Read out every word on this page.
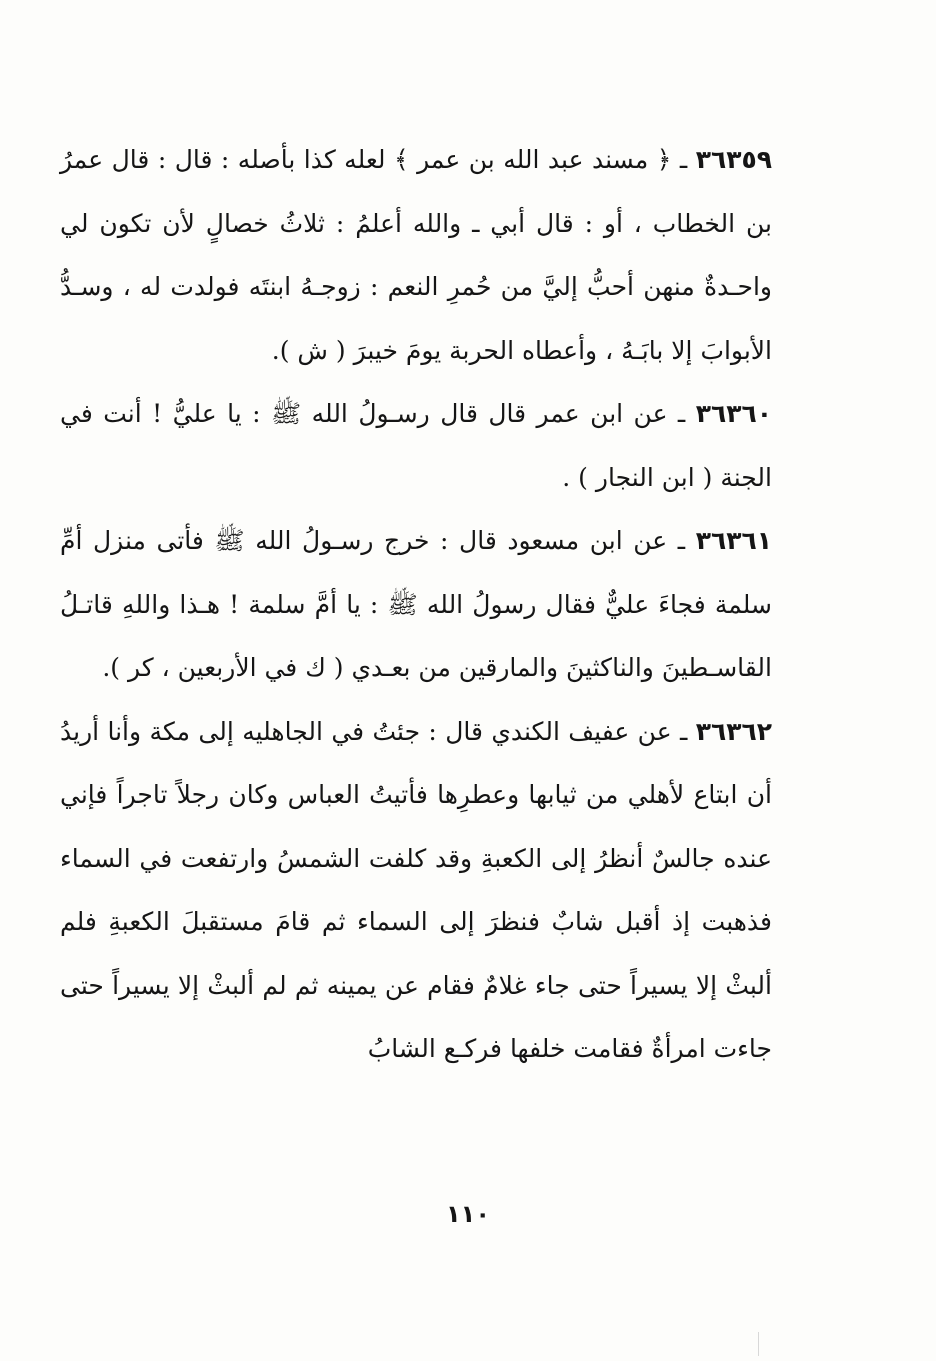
٣٦٣٥٩ ـ ﴿ مسند عبد الله بن عمر ﴾ لعله كذا بأصله : قال : قال عمرُ بن الخطاب ، أو : قال أبي ـ والله أعلمُ : ثلاثُ خصالٍ لأن تكون لي واحـدةٌ منهن أحبُّ إليَّ من حُمرِ النعم : زوجـهُ ابنتَه فولدت له ، وسـدُّ الأبوابَ إلا بابَـهُ ، وأعطاه الحربة يومَ خيبرَ ( ش ).

٣٦٣٦٠ ـ عن ابن عمر قال قال رسـولُ الله ﷺ : يا عليُّ ! أنت في الجنة ( ابن النجار ) .

٣٦٣٦١ ـ عن ابن مسعود قال : خرج رسـولُ الله ﷺ فأتى منزل أمِّ سلمة فجاءَ عليٌّ فقال رسولُ الله ﷺ : يا أمَّ سلمة ! هـذا واللهِ قاتـلُ القاسـطينَ والناكثينَ والمارقين من بعـدي ( ك في الأربعين ، كر ).

٣٦٣٦٢ ـ عن عفيف الكندي قال : جئتُ في الجاهليه إلى مكة وأنا أريدُ أن ابتاع لأهلي من ثيابها وعطرِها فأتيتُ العباس وكان رجلاً تاجراً فإني عنده جالسٌ أنظرُ إلى الكعبةِ وقد كلفت الشمسُ وارتفعت في السماء فذهبت إذ أقبل شابٌ فنظرَ إلى السماء ثم قامَ مستقبلَ الكعبةِ فلم ألبثْ إلا يسيراً حتى جاء غلامٌ فقام عن يمينه ثم لم ألبثْ إلا يسيراً حتى جاءت امرأةٌ فقامت خلفها فركـع الشابُ

١١٠
